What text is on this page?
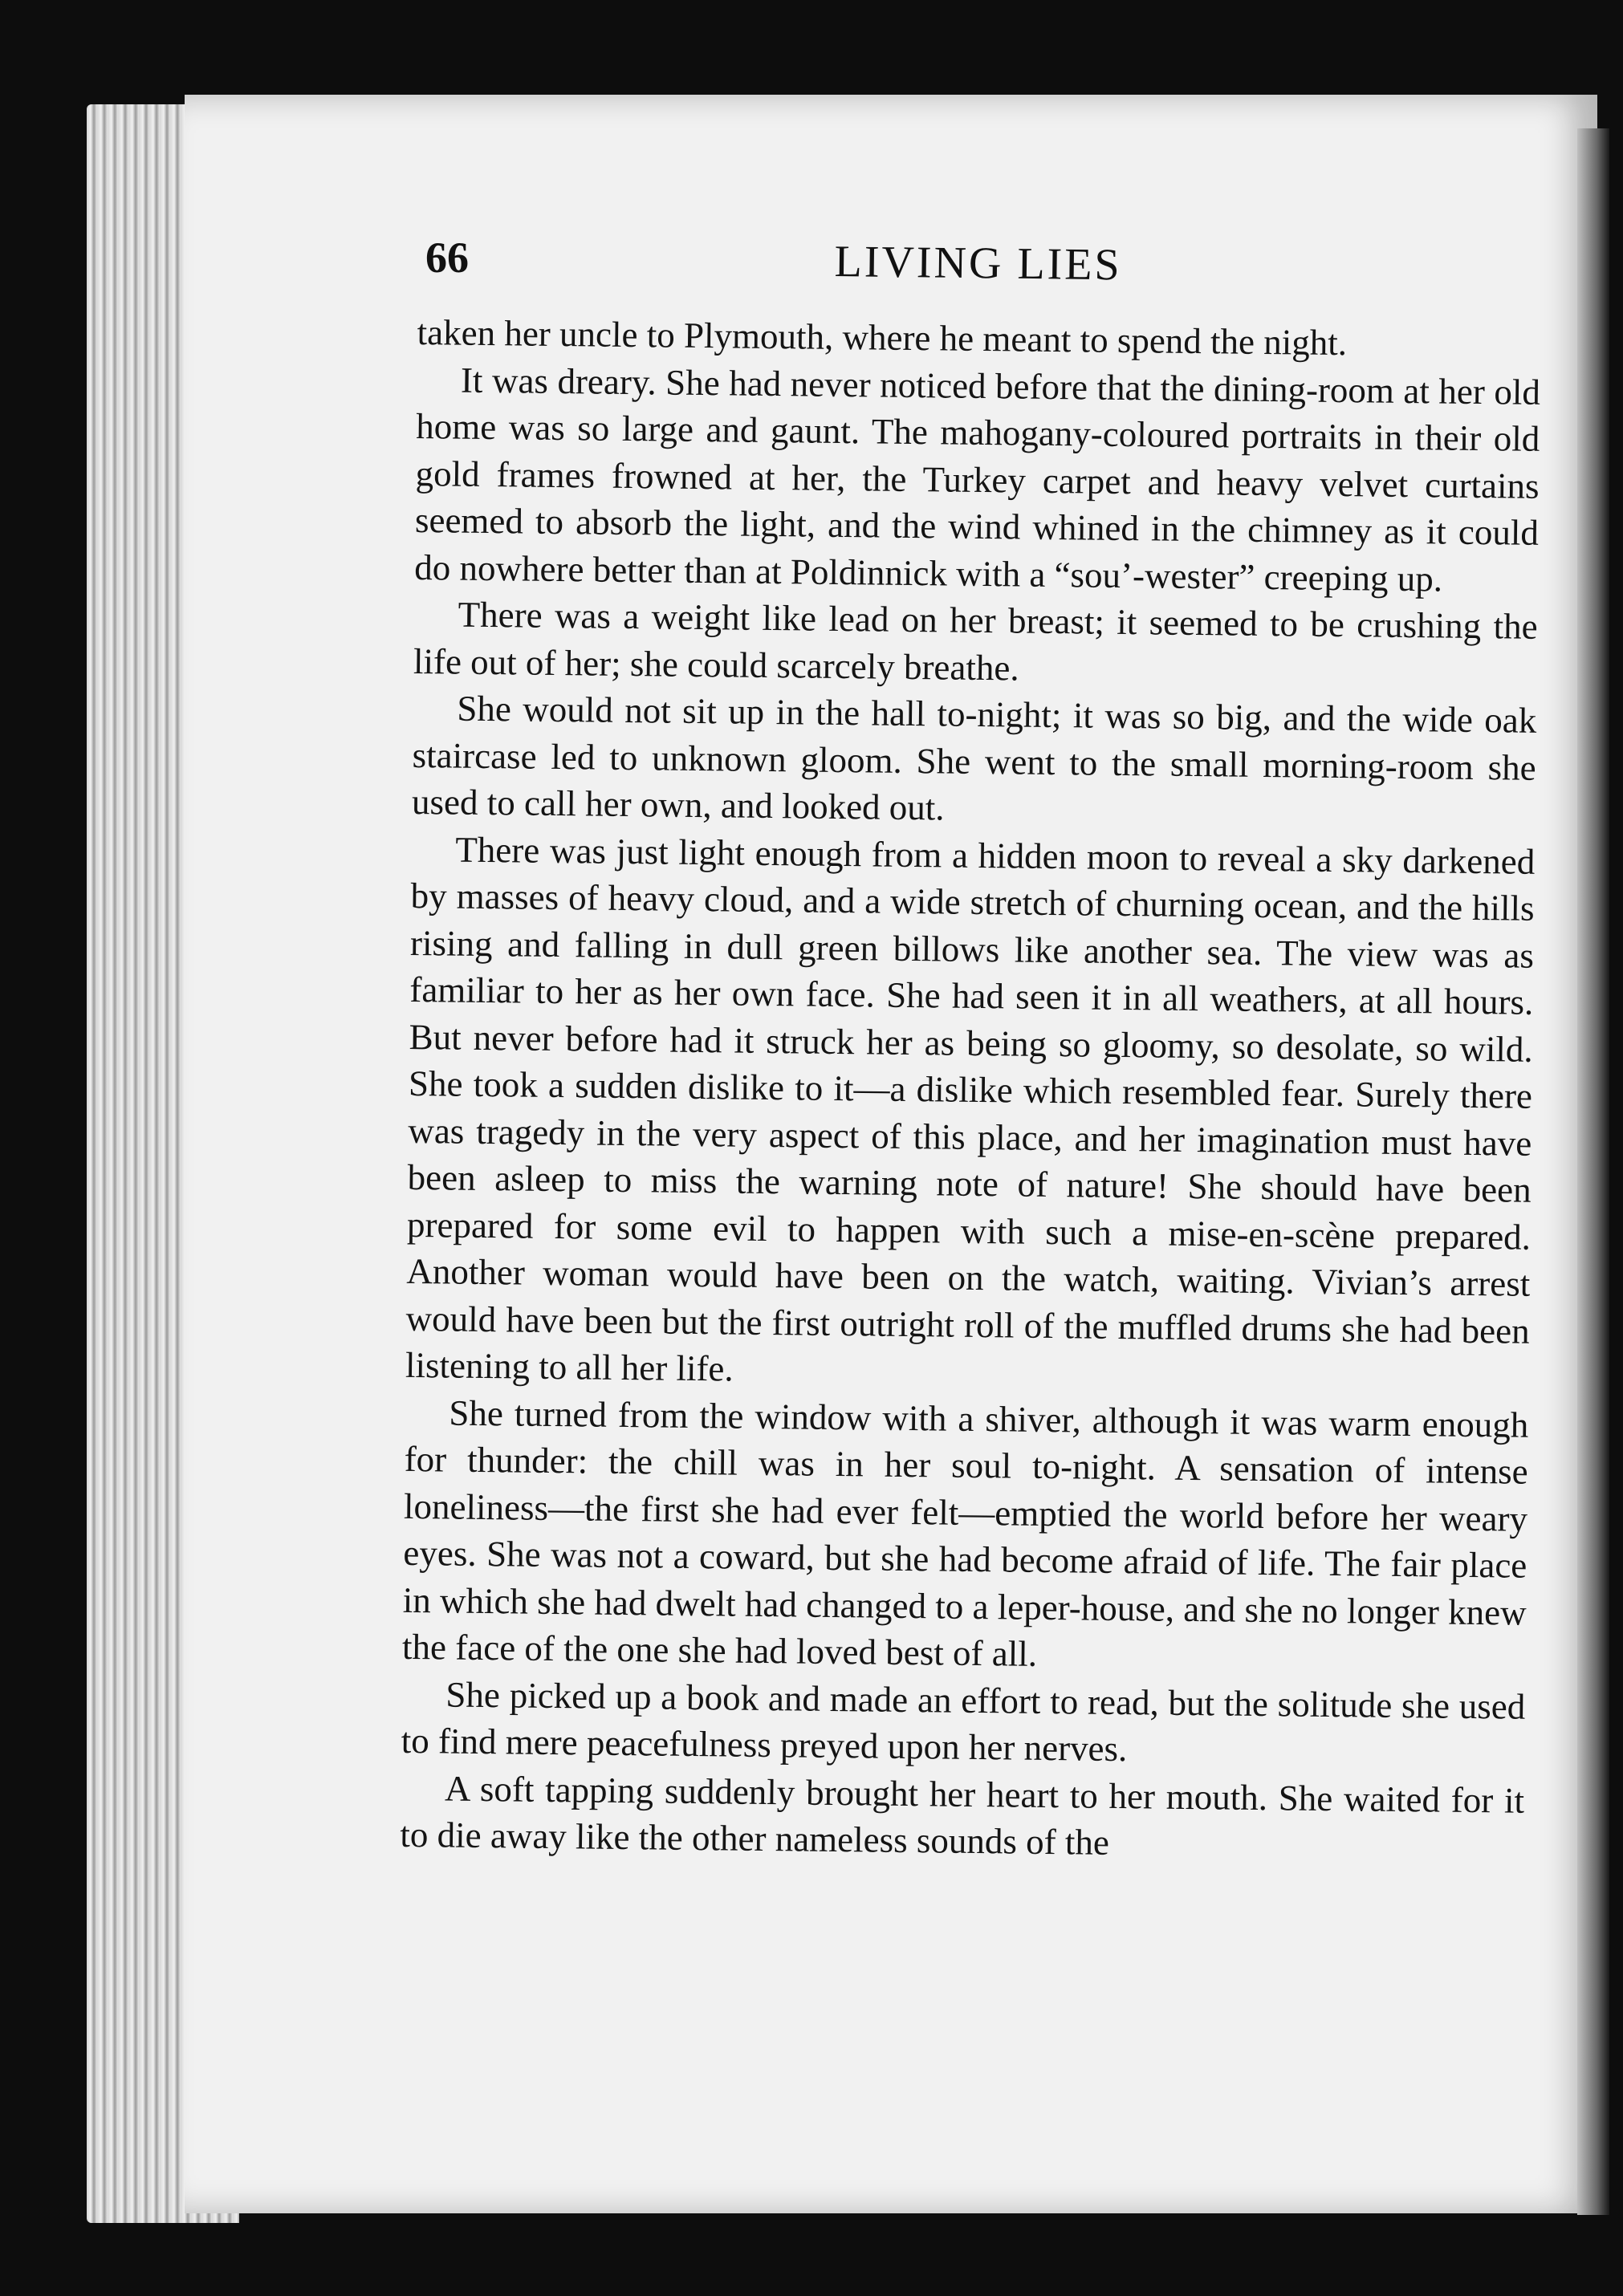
66	LIVING LIES

taken her uncle to Plymouth, where he meant to spend the night.

It was dreary. She had never noticed before that the dining-room at her old home was so large and gaunt. The mahogany-coloured portraits in their old gold frames frowned at her, the Turkey carpet and heavy velvet curtains seemed to absorb the light, and the wind whined in the chimney as it could do nowhere better than at Poldinnick with a “sou’-wester” creeping up.

There was a weight like lead on her breast; it seemed to be crushing the life out of her; she could scarcely breathe.

She would not sit up in the hall to-night; it was so big, and the wide oak staircase led to unknown gloom. She went to the small morning-room she used to call her own, and looked out.

There was just light enough from a hidden moon to reveal a sky darkened by masses of heavy cloud, and a wide stretch of churning ocean, and the hills rising and falling in dull green billows like another sea. The view was as familiar to her as her own face. She had seen it in all weathers, at all hours. But never before had it struck her as being so gloomy, so desolate, so wild. She took a sudden dislike to it—a dislike which resembled fear. Surely there was tragedy in the very aspect of this place, and her imagination must have been asleep to miss the warning note of nature! She should have been prepared for some evil to happen with such a mise-en-scène prepared. Another woman would have been on the watch, waiting. Vivian’s arrest would have been but the first outright roll of the muffled drums she had been listening to all her life.

She turned from the window with a shiver, although it was warm enough for thunder: the chill was in her soul to-night. A sensation of intense loneliness—the first she had ever felt—emptied the world before her weary eyes. She was not a coward, but she had become afraid of life. The fair place in which she had dwelt had changed to a leper-house, and she no longer knew the face of the one she had loved best of all.

She picked up a book and made an effort to read, but the solitude she used to find mere peacefulness preyed upon her nerves.

A soft tapping suddenly brought her heart to her mouth. She waited for it to die away like the other nameless sounds of the
